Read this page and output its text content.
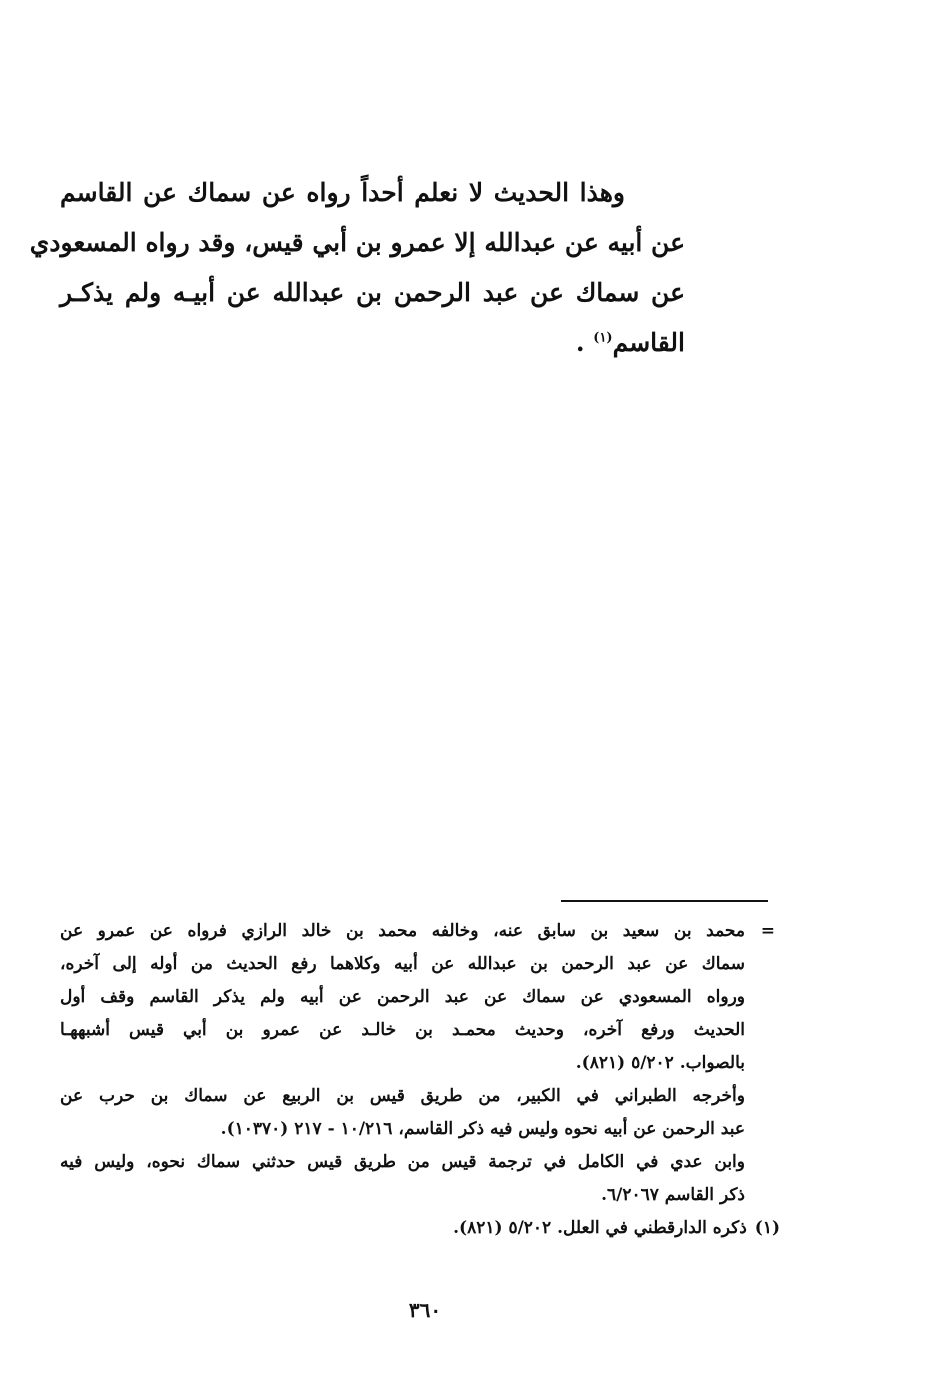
وهذا الحديث لا نعلم أحداً رواه عن سماك عن القاسم
عن أبيه عن عبدالله إلا عمرو بن أبي قيس، وقد رواه المسعودي
عن سماك عن عبد الرحمن بن عبدالله عن أبيـه ولم يذكـر
القاسم$^{(١)}$ .
=
محمد بن سعيد بن سابق عنه، وخالفه محمد بن خالد الرازي فرواه عن عمرو عن
سماك عن عبد الرحمن بن عبدالله عن أبيه وكلاهما رفع الحديث من أوله إلى آخره،
ورواه المسعودي عن سماك عن عبد الرحمن عن أبيه ولم يذكر القاسم وقف أول
الحديث ورفع آخره، وحديث محمـد بن خالـد عن عمرو بن أبي قيس أشبههـا
بالصواب. ٥/٢٠٢ (٨٢١).
وأخرجه الطبراني في الكبير، من طريق قيس بن الربيع عن سماك بن حرب عن
عبد الرحمن عن أبيه نحوه وليس فيه ذكر القاسم، ١٠/٢١٦ - ٢١٧ (١٠٣٧٠).
وابن عدي في الكامل في ترجمة قيس من طريق قيس حدثني سماك نحوه، وليس فيه
ذكر القاسم ٦/٢٠٦٧.
(١)ذكره الدارقطني في العلل. ٥/٢٠٢ (٨٢١).
٣٦٠
